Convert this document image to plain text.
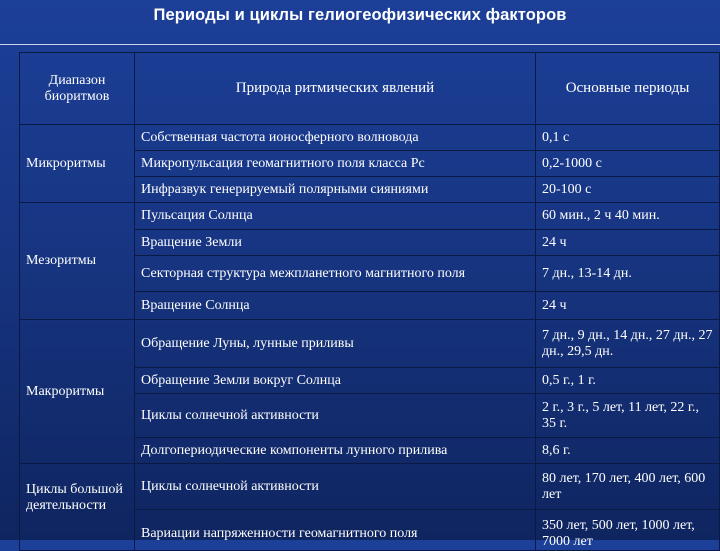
Периоды и циклы гелиогеофизических факторов
Диапазон биоритмов	Природа ритмических явлений	Основные периоды
Микроритмы	Собственная частота ионосферного волновода	0,1 с
	Микропульсация геомагнитного поля класса Рс	0,2-1000 с
	Инфразвук генерируемый полярными сияниями	20-100 с
Мезоритмы	Пульсация Солнца	60 мин., 2 ч 40 мин.
	Вращение Земли	24 ч
	Секторная структура межпланетного магнитного поля	7 дн., 13-14 дн.
	Вращение Солнца	24 ч
Макроритмы	Обращение Луны, лунные приливы	7 дн., 9 дн., 14 дн., 27 дн., 27 дн., 29,5 дн.
	Обращение Земли вокруг Солнца	0,5 г., 1 г.
	Циклы солнечной активности	2 г., 3 г., 5 лет, 11 лет, 22 г., 35 г.
	Долгопериодические компоненты лунного прилива	8,6 г.
Циклы большой деятельности	Циклы солнечной активности	80 лет, 170 лет, 400 лет, 600 лет
	Вариации напряженности геомагнитного поля	350 лет, 500 лет, 1000 лет, 7000 лет
